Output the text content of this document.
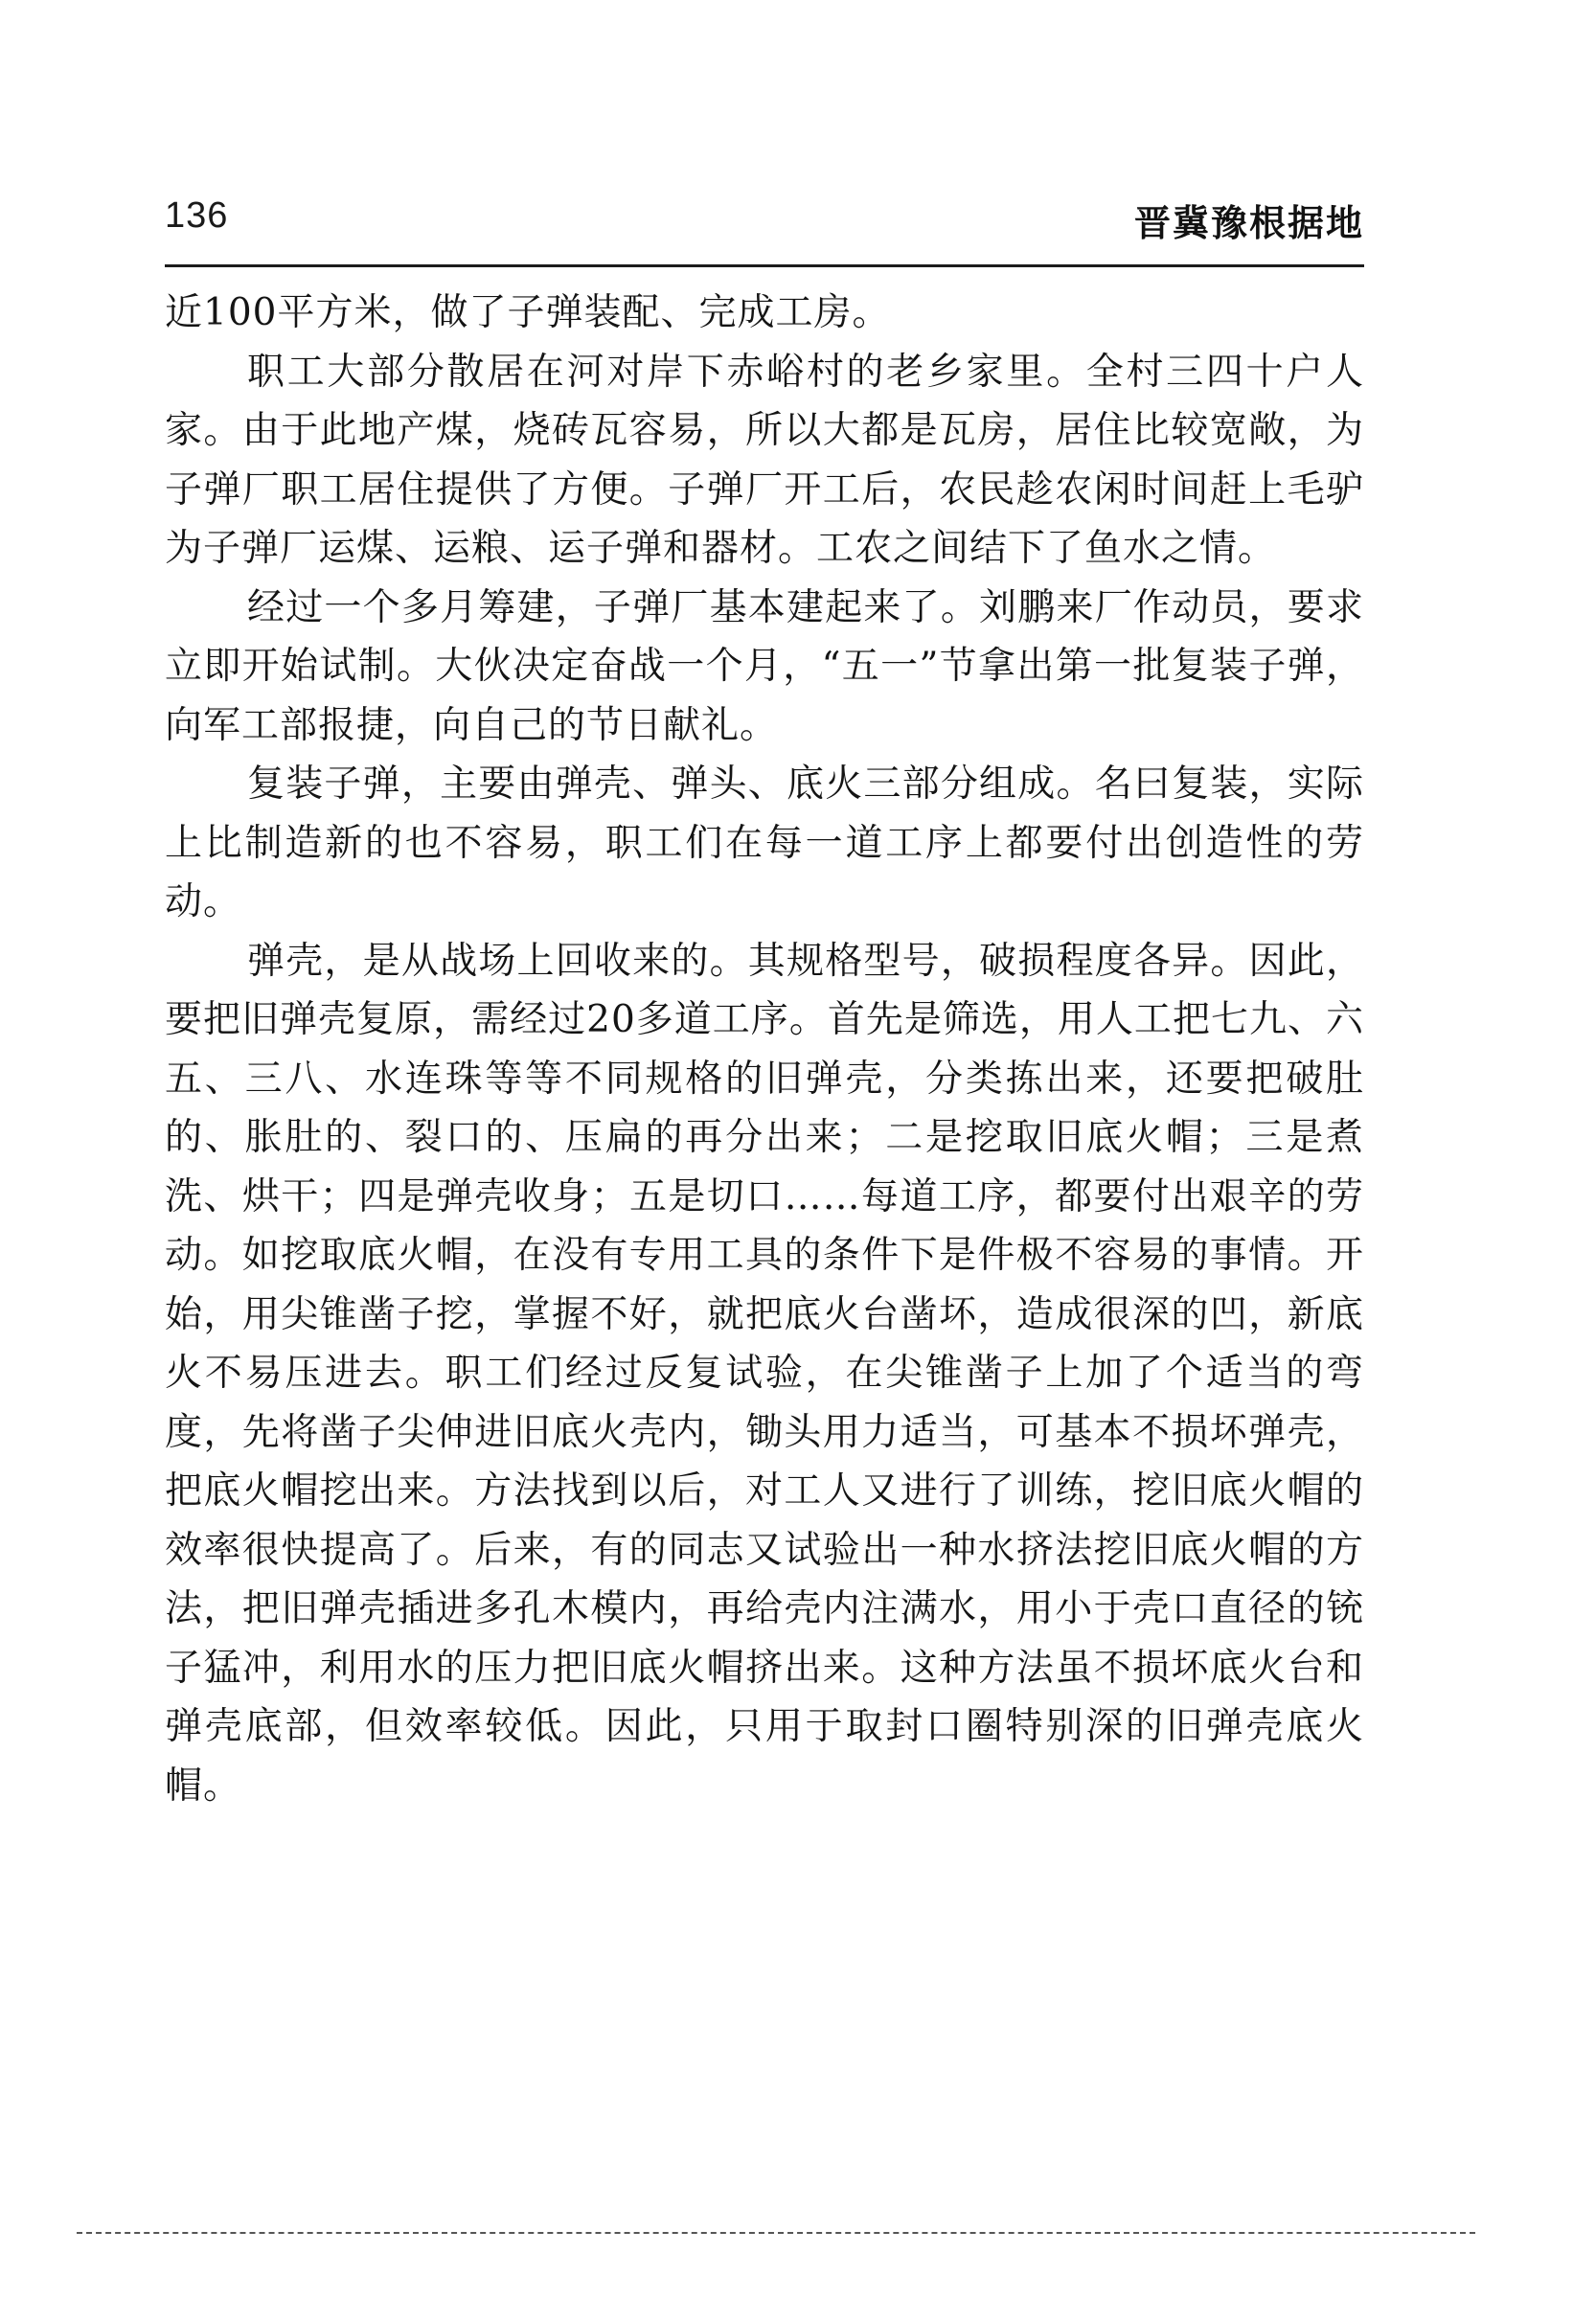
136	晋冀豫根据地

近100平方米，做了子弹装配、完成工房。

职工大部分散居在河对岸下赤峪村的老乡家里。全村三四十户人家。由于此地产煤，烧砖瓦容易，所以大都是瓦房，居住比较宽敞，为子弹厂职工居住提供了方便。子弹厂开工后，农民趁农闲时间赶上毛驴为子弹厂运煤、运粮、运子弹和器材。工农之间结下了鱼水之情。

经过一个多月筹建，子弹厂基本建起来了。刘鹏来厂作动员，要求立即开始试制。大伙决定奋战一个月，“五一”节拿出第一批复装子弹，向军工部报捷，向自己的节日献礼。

复装子弹，主要由弹壳、弹头、底火三部分组成。名曰复装，实际上比制造新的也不容易，职工们在每一道工序上都要付出创造性的劳动。

弹壳，是从战场上回收来的。其规格型号，破损程度各异。因此，要把旧弹壳复原，需经过20多道工序。首先是筛选，用人工把七九、六五、三八、水连珠等等不同规格的旧弹壳，分类拣出来，还要把破肚的、胀肚的、裂口的、压扁的再分出来；二是挖取旧底火帽；三是煮洗、烘干；四是弹壳收身；五是切口……每道工序，都要付出艰辛的劳动。如挖取底火帽，在没有专用工具的条件下是件极不容易的事情。开始，用尖锥凿子挖，掌握不好，就把底火台凿坏，造成很深的凹，新底火不易压进去。职工们经过反复试验，在尖锥凿子上加了个适当的弯度，先将凿子尖伸进旧底火壳内，锄头用力适当，可基本不损坏弹壳，把底火帽挖出来。方法找到以后，对工人又进行了训练，挖旧底火帽的效率很快提高了。后来，有的同志又试验出一种水挤法挖旧底火帽的方法，把旧弹壳插进多孔木模内，再给壳内注满水，用小于壳口直径的铳子猛冲，利用水的压力把旧底火帽挤出来。这种方法虽不损坏底火台和弹壳底部，但效率较低。因此，只用于取封口圈特别深的旧弹壳底火帽。
